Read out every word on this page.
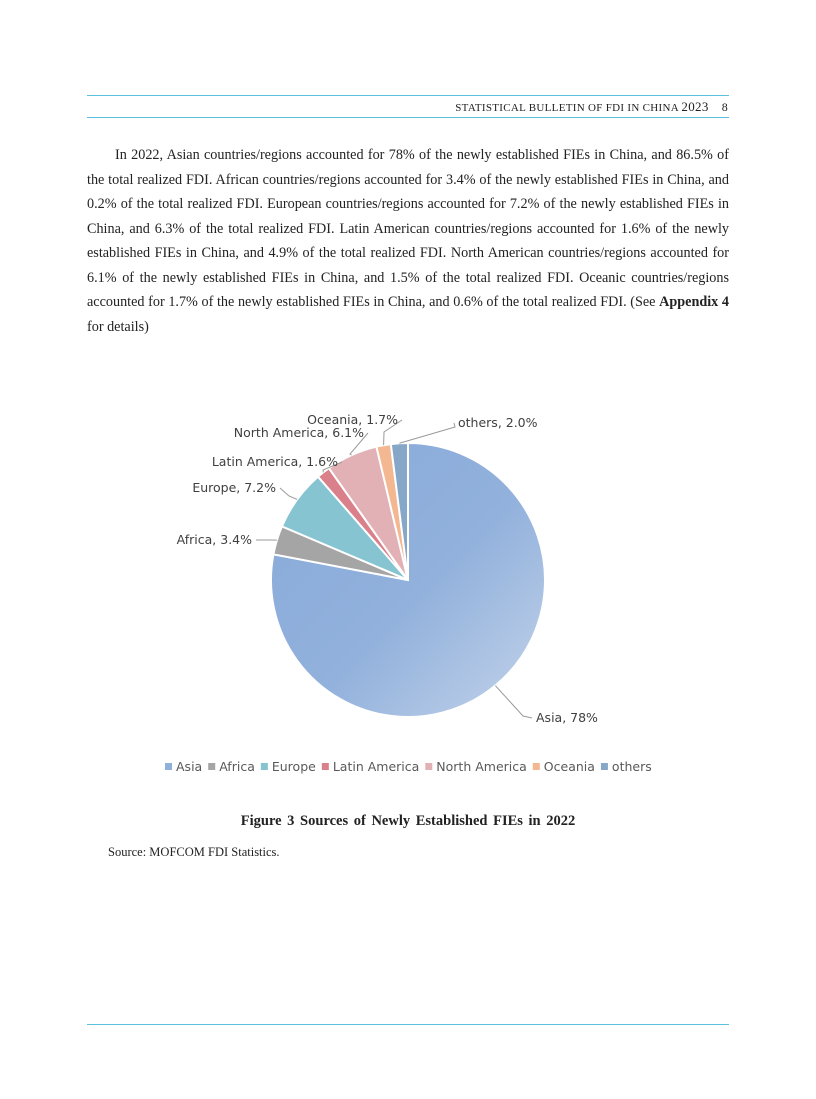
STATISTICAL BULLETIN OF FDI IN CHINA 2023 8

In 2022, Asian countries/regions accounted for 78% of the newly established FIEs in China, and 86.5% of the total realized FDI. African countries/regions accounted for 3.4% of the newly established FIEs in China, and 0.2% of the total realized FDI. European countries/regions accounted for 7.2% of the newly established FIEs in China, and 6.3% of the total realized FDI. Latin American countries/regions accounted for 1.6% of the newly established FIEs in China, and 4.9% of the total realized FDI. North American countries/regions accounted for 6.1% of the newly established FIEs in China, and 1.5% of the total realized FDI. Oceanic countries/regions accounted for 1.7% of the newly established FIEs in China, and 0.6% of the total realized FDI. (See Appendix 4 for details)

Asia, 78%
Africa, 3.4%
Europe, 7.2%
Latin America, 1.6%
North America, 6.1%
Oceania, 1.7%	others, 2.0%
Asia Africa Europe Latin America North America Oceania others
Figure 3 Sources of Newly Established FIEs in 2022
Source: MOFCOM FDI Statistics.
